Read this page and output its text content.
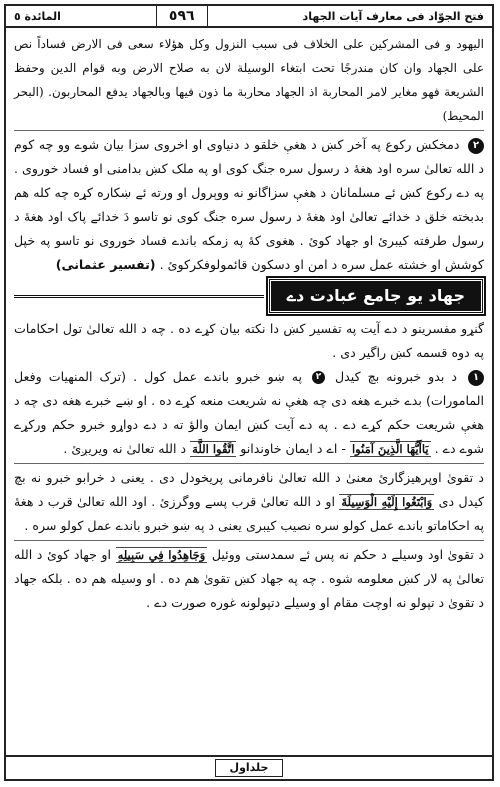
المائدة ٥	٥٩٦	فتح الجوّاد فی معارف آیات الجهاد

الیهود و فی المشرکین علی الخلاف فی سبب النزول وکل هؤلاء سعی فی الارض فساداً نص علی الجهاد وان کان مندرجًا تحت ابتغاء الوسیلة لان به صلاح الارض وبه قوام الدین وحفظ الشریعة فهو مغایر لامر المحاربة اذ الجهاد محاربة ما ذون فیها وبالجهاد یدفع المحاربون. (البحر المحیط)

۲ دمخکښ رکوع په آخر کښ د هغې خلقو د دنیاوی او اخروی سزا بیان شوے وو چه کوم د الله تعالیٰ سره اود هغهٔ د رسول سره جنگ کوی او په ملک کښ بدامنی او فساد خوروی . په دے رکوع کښ ئے مسلمانان د هغې سزاگانو نه ووېرول او ورته ئے ښکاره کړه چه کله هم بدبخته خلق د خدائے تعالیٰ اود هغهٔ د رسول سره جنگ کوی نو تاسو دَ خدائے پاک اود هغهٔ د رسول طرفته کیبرئ او جهاد کوئ . هغوی کۀ په زمکه باندے فساد خوروی نو تاسو په خپل کوشش او خشته عمل سره د امن او دسکون قائمولوفکرکوئ . (تفسیر عثمانی)

جهاد یو جامع عبادت دے

گنړو مفسرینو د دے آیت په تفسیر کښ دا نکته بیان کړے ده . چه د الله تعالیٰ تول احکامات په دوه قسمه کښ راگیر دی .

۱ د بدو خبرونه بچ کیدل ۲ په ښو خبرو باندے عمل کول . (ترک المنهیات وفعل المامورات) بدے خبرے هغه دی چه هغې نه شریعت منعه کړے ده . او ښے خبرے هغه دی چه د هغې شریعت حکم کړے دے . په دے آیت کښ ایمان والؤ ته د دے دواړو خبرو حکم ورکړے شوے دے . يَاأَيُّهَا الَّذِينَ آمَنُوا - اے د ایمان خاوندانو اتَّقُوا اللَّهَ د الله تعالیٰ نه ویریږئ .

د تقویٰ اوپرهیزگاریٔ معنیٰ د الله تعالیٰ نافرمانی پریخودل دی . یعنی د خرابو خبرو نه بچ کیدل دی وَابْتَغُوا إِلَيْهِ الْوَسِيلَةَ او د الله تعالیٰ قرب پسے ووگرزئ . اود الله تعالیٰ قرب د هغهٔ په احکاماتو باندے عمل کولو سره نصیب کیبری یعنی د په ښو خبرو باندے عمل کولو سره .

د تقویٰ اود وسیلے د حکم نه پس ئے سمدستی ووئیل وَجَاهِدُوا فِي سَبِيلِهِ او جهاد کوئ د الله تعالیٰ په لار کښ معلومه شوه . چه په جهاد کښ تقویٰ هم ده . او وسیله هم ده . بلکه جهاد د تقویٰ د تپولو نه اوچت مقام او وسیلے دتپولونه غوره صورت دے .

جلداول
